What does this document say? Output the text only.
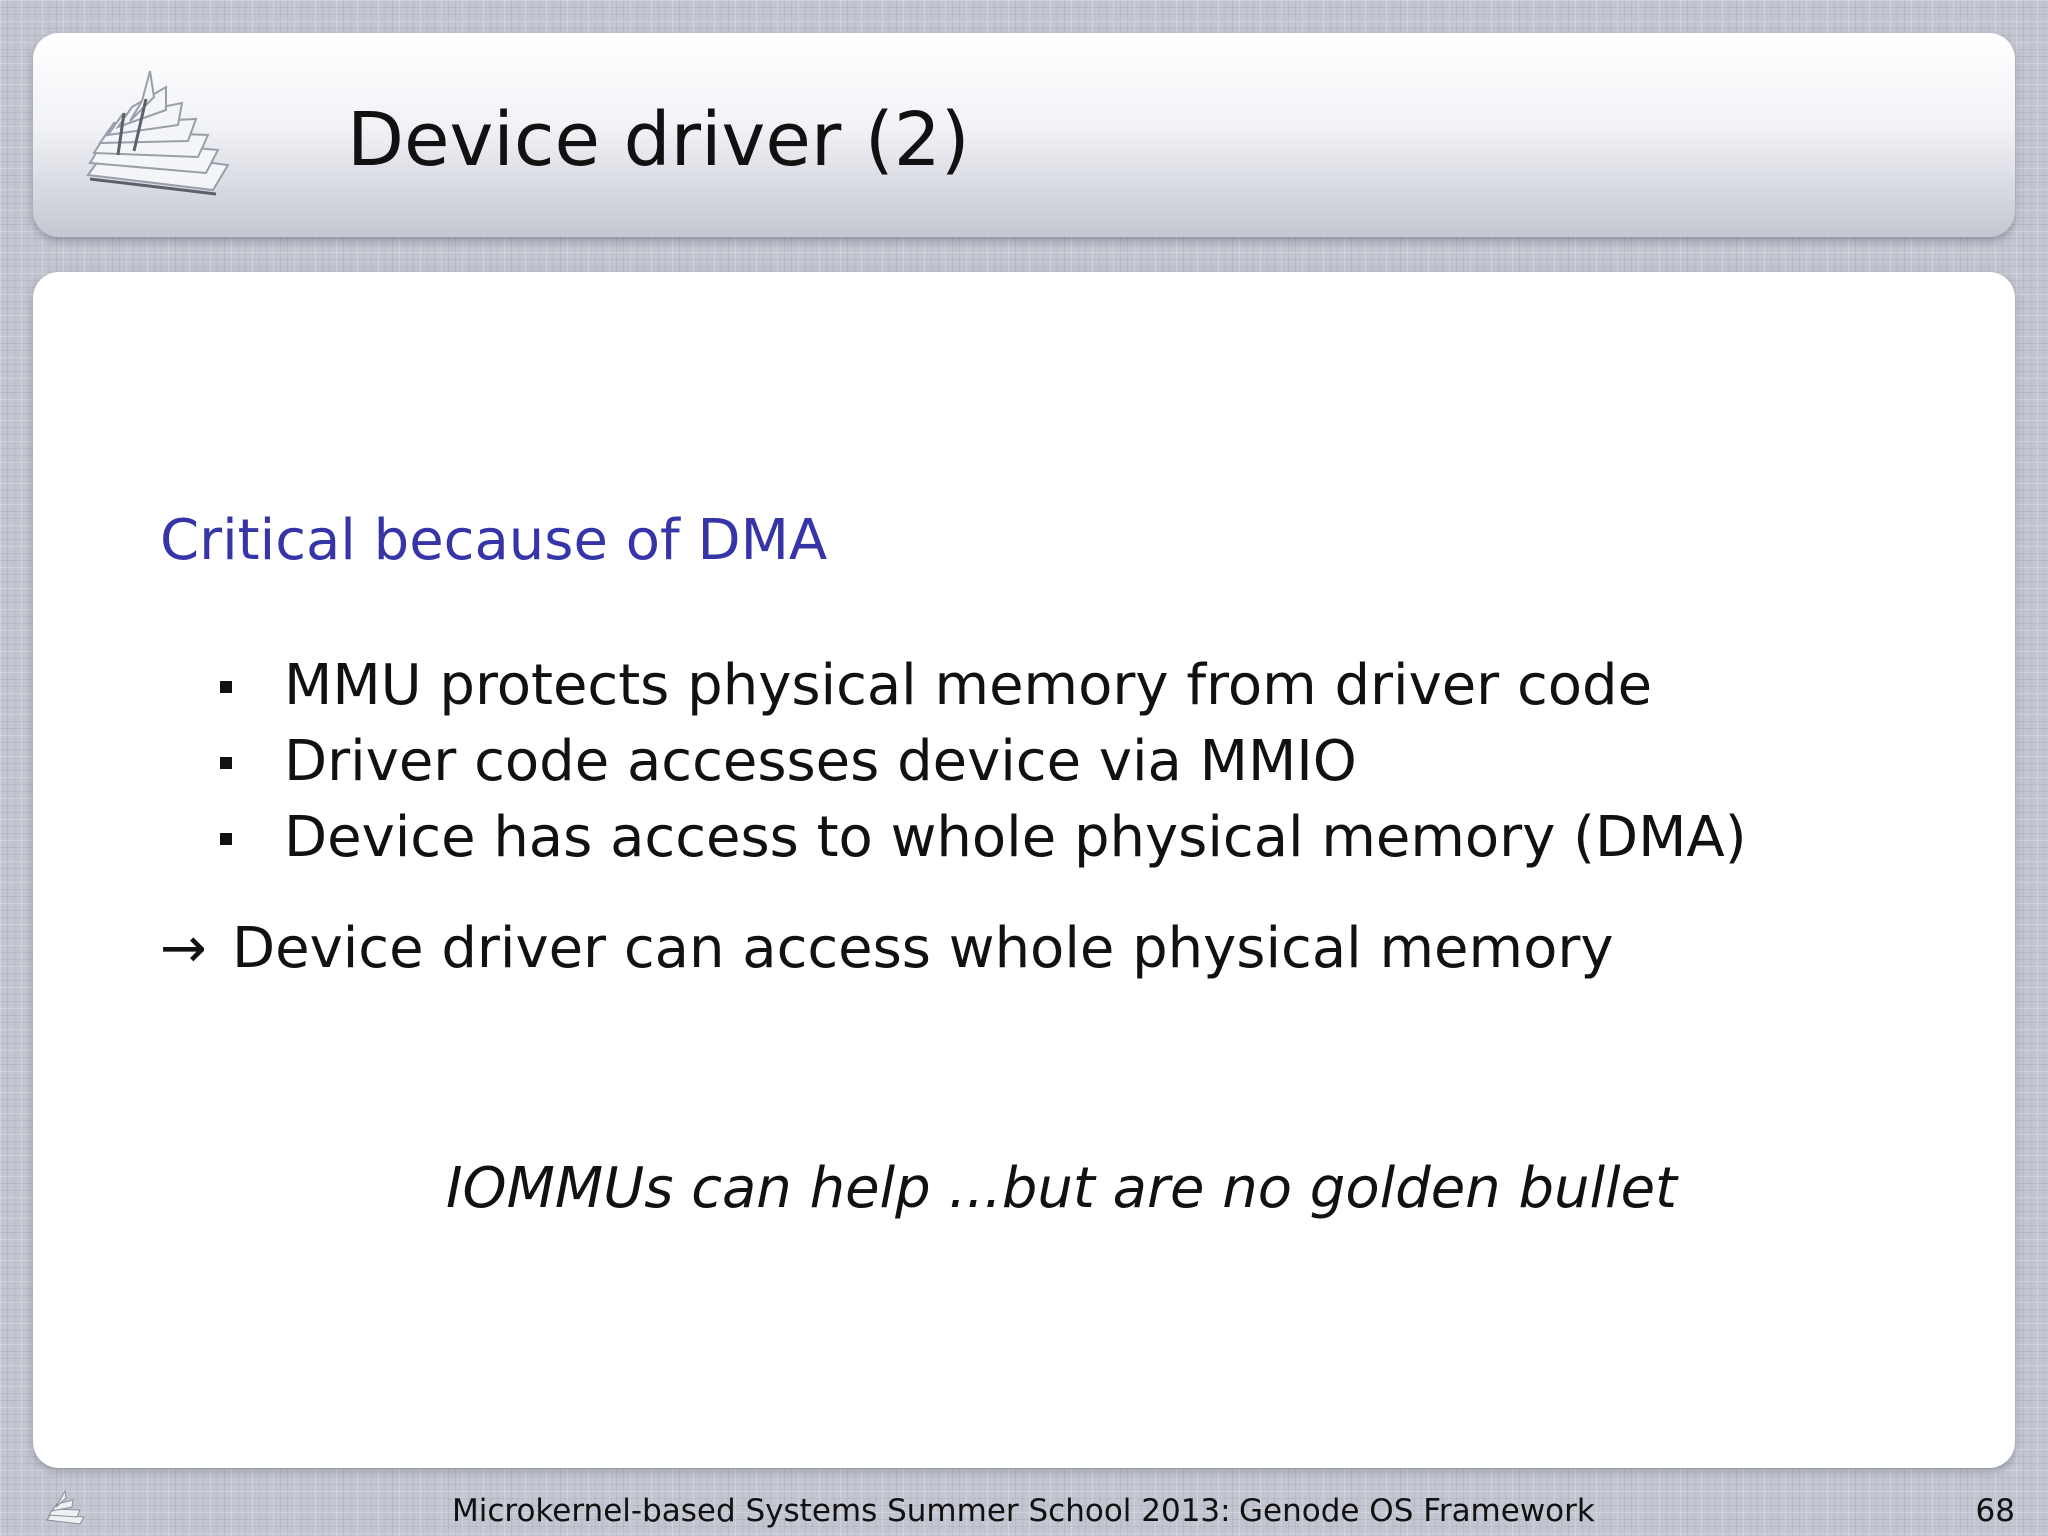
Device driver (2)
Critical because of DMA
MMU protects physical memory from driver code
Driver code accesses device via MMIO
Device has access to whole physical memory (DMA)
→ Device driver can access whole physical memory
IOMMUs can help ...but are no golden bullet
Microkernel-based Systems Summer School 2013: Genode OS Framework	68
